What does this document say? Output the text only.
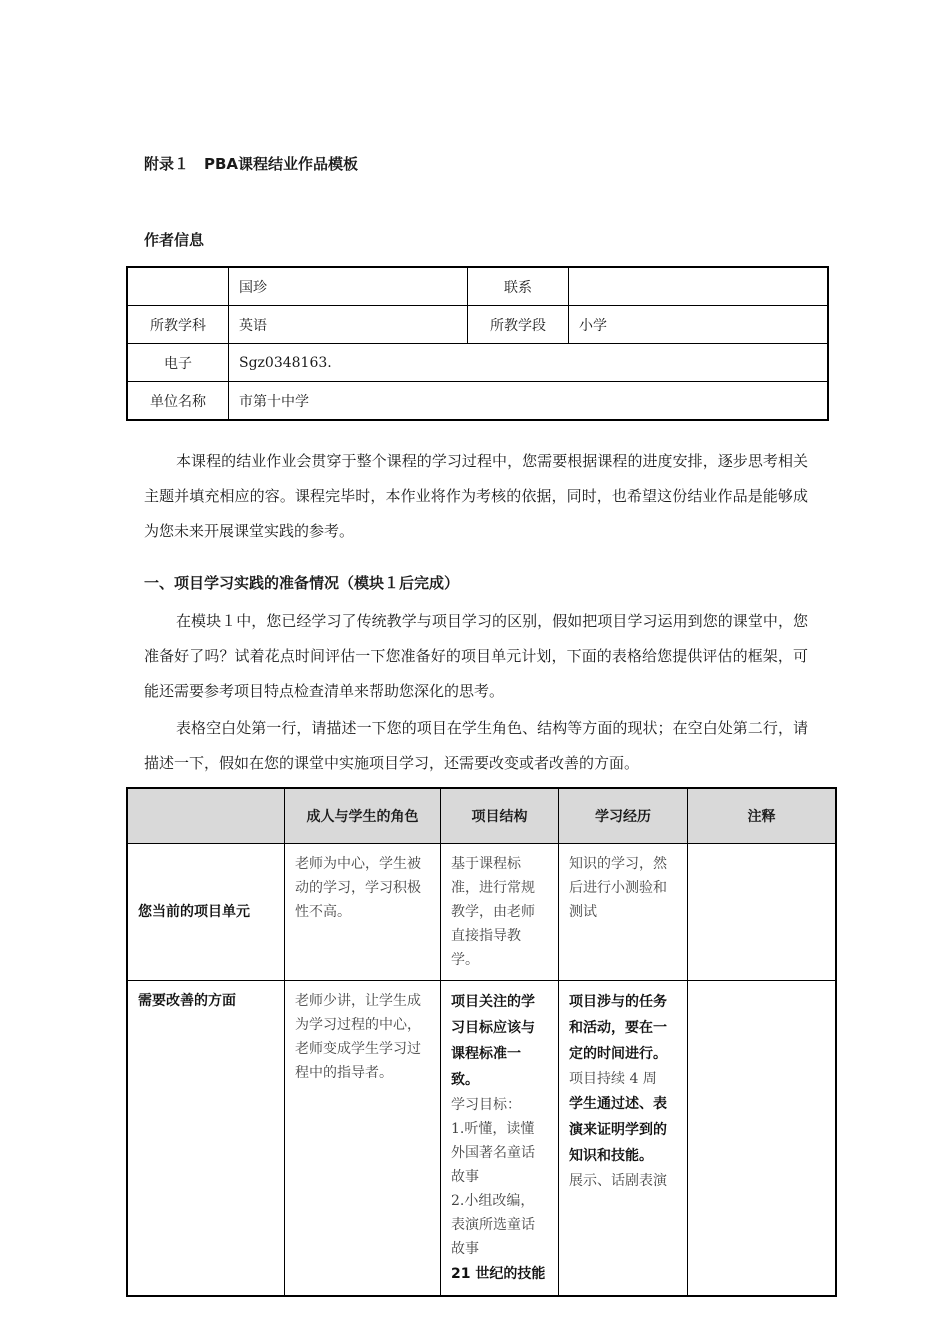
附录１　PBA课程结业作品模板
作者信息
	国珍	联系	
所教学科	英语	所教学段	小学
电子	Sgz0348163.		
单位名称	市第十中学		
本课程的结业作业会贯穿于整个课程的学习过程中，您需要根据课程的进度安排，逐步思考相关主题并填充相应的容。课程完毕时，本作业将作为考核的依据，同时，也希望这份结业作品是能够成为您未来开展课堂实践的参考。
一、项目学习实践的准备情况（模块１后完成）
在模块１中，您已经学习了传统教学与项目学习的区别，假如把项目学习运用到您的课堂中，您准备好了吗？试着花点时间评估一下您准备好的项目单元计划，下面的表格给您提供评估的框架，可能还需要参考项目特点检查清单来帮助您深化的思考。
表格空白处第一行，请描述一下您的项目在学生角色、结构等方面的现状；在空白处第二行，请描述一下，假如在您的课堂中实施项目学习，还需要改变或者改善的方面。
	成人与学生的角色	项目结构	学习经历	注释
您当前的项目单元	老师为中心，学生被动的学习，学习积极性不高。	基于课程标准，进行常规教学，由老师直接指导教学。	知识的学习，然后进行小测验和测试	
需要改善的方面	老师少讲，让学生成为学习过程的中心，
老师变成学生学习过程中的指导者。	项目关注的学习目标应该与课程标准一致。
学习目标：
1.听懂，读懂外国著名童话故事
2.小组改编，表演所选童话故事
21 世纪的技能	项目涉与的任务和活动，要在一定的时间进行。
项目持续 4 周
学生通过述、表演来证明学到的知识和技能。
展示、话剧表演	
